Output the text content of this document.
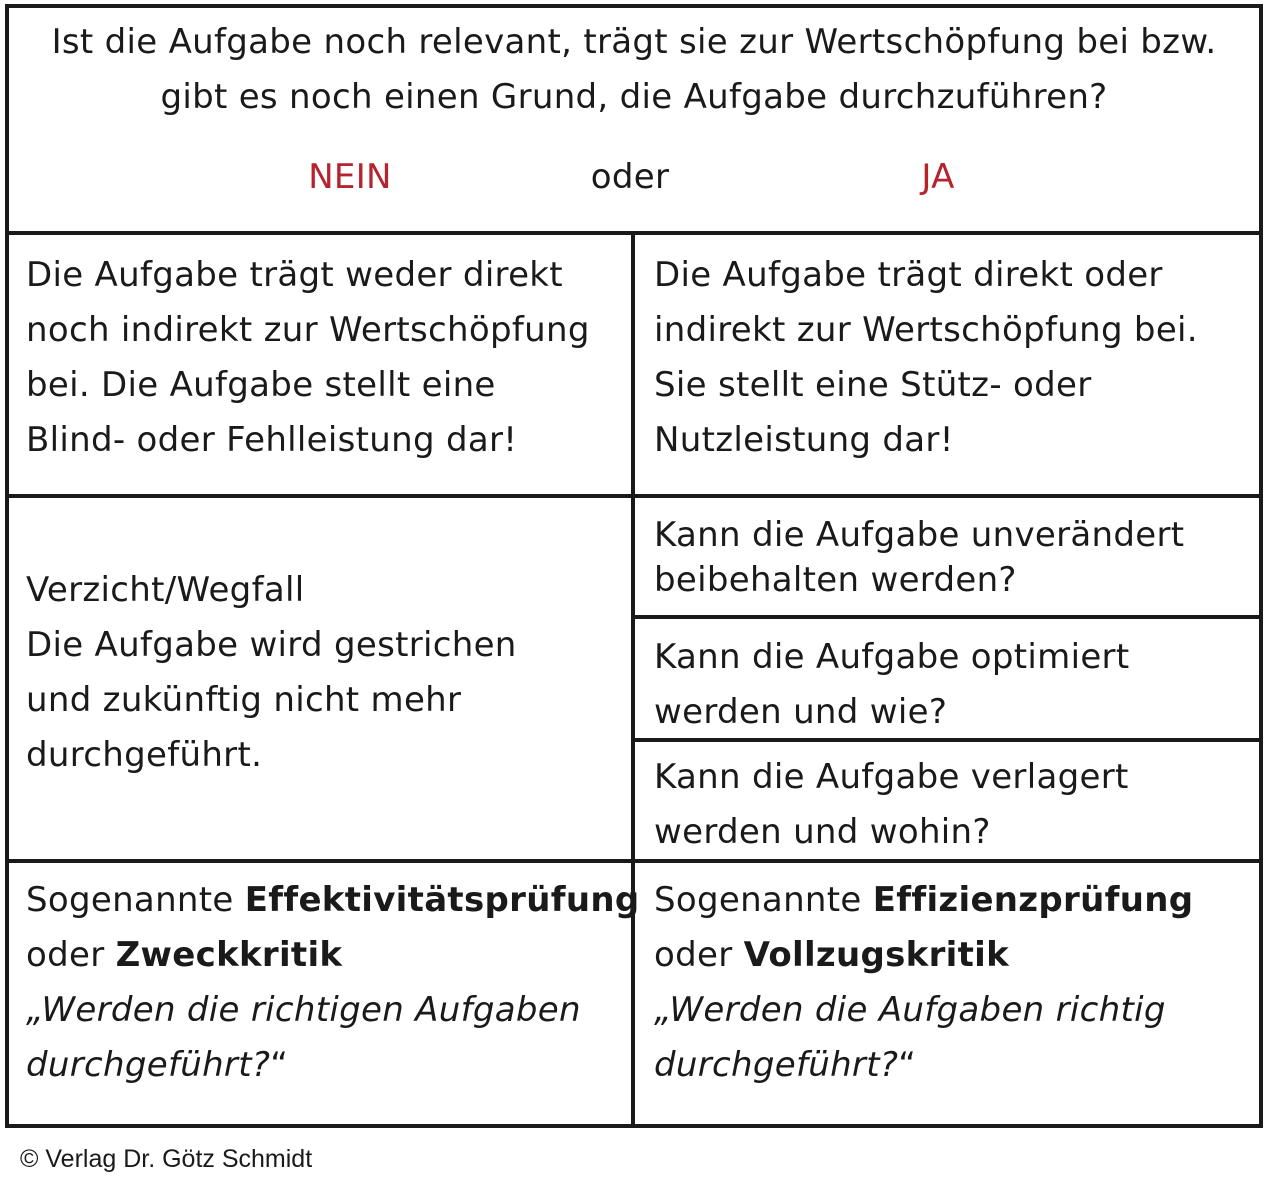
Ist die Aufgabe noch relevant, trägt sie zur Wertschöpfung bei bzw.
gibt es noch einen Grund, die Aufgabe durchzuführen?
NEIN	oder	JA
Die Aufgabe trägt weder direkt
noch indirekt zur Wertschöpfung
bei. Die Aufgabe stellt eine
Blind- oder Fehlleistung dar!
Die Aufgabe trägt direkt oder
indirekt zur Wertschöpfung bei.
Sie stellt eine Stütz- oder
Nutzleistung dar!
Verzicht/Wegfall
Die Aufgabe wird gestrichen
und zukünftig nicht mehr
durchgeführt.
Kann die Aufgabe unverändert
beibehalten werden?
Kann die Aufgabe optimiert
werden und wie?
Kann die Aufgabe verlagert
werden und wohin?
Sogenannte Effektivitätsprüfung
oder Zweckkritik
„Werden die richtigen Aufgaben
durchgeführt?“
Sogenannte Effizienzprüfung
oder Vollzugskritik
„Werden die Aufgaben richtig
durchgeführt?“
© Verlag Dr. Götz Schmidt
